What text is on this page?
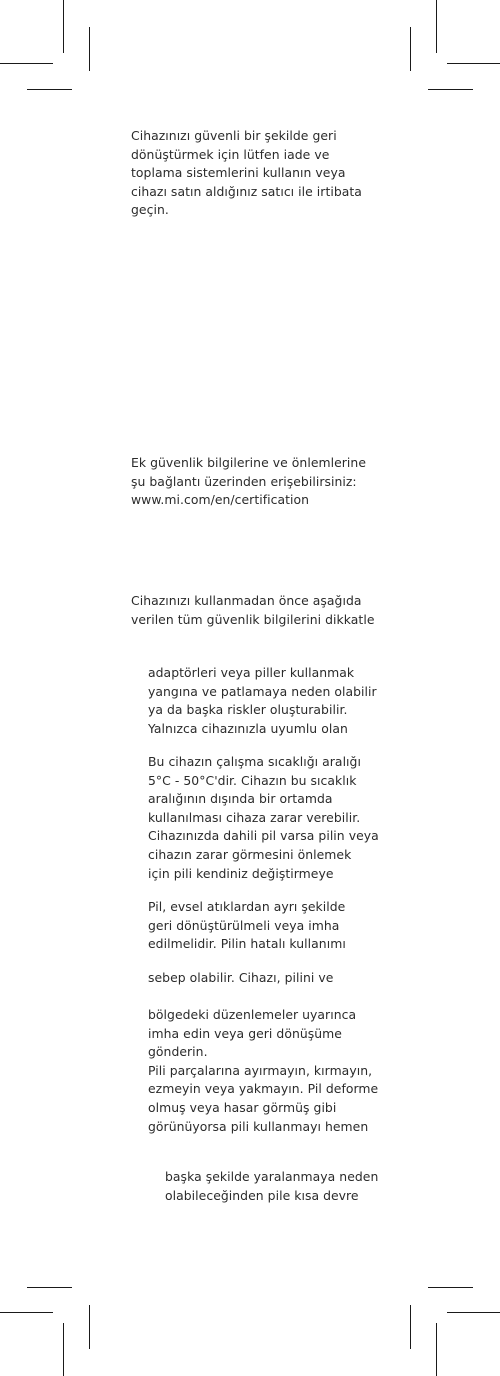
Cihazınızı güvenli bir şekilde geri
dönüştürmek için lütfen iade ve
toplama sistemlerini kullanın veya
cihazı satın aldığınız satıcı ile irtibata
geçin.

Ek güvenlik bilgilerine ve önlemlerine
şu bağlantı üzerinden erişebilirsiniz:
www.mi.com/en/certification

Cihazınızı kullanmadan önce aşağıda
verilen tüm güvenlik bilgilerini dikkatle

adaptörleri veya piller kullanmak
yangına ve patlamaya neden olabilir
ya da başka riskler oluşturabilir.
Yalnızca cihazınızla uyumlu olan

Bu cihazın çalışma sıcaklığı aralığı
5°C - 50°C'dir. Cihazın bu sıcaklık
aralığının dışında bir ortamda
kullanılması cihaza zarar verebilir.
Cihazınızda dahili pil varsa pilin veya
cihazın zarar görmesini önlemek
için pili kendiniz değiştirmeye

Pil, evsel atıklardan ayrı şekilde
geri dönüştürülmeli veya imha
edilmelidir. Pilin hatalı kullanımı

sebep olabilir. Cihazı, pilini ve

bölgedeki düzenlemeler uyarınca
imha edin veya geri dönüşüme
gönderin.
Pili parçalarına ayırmayın, kırmayın,
ezmeyin veya yakmayın. Pil deforme
olmuş veya hasar görmüş gibi
görünüyorsa pili kullanmayı hemen

başka şekilde yaralanmaya neden
olabileceğinden pile kısa devre
